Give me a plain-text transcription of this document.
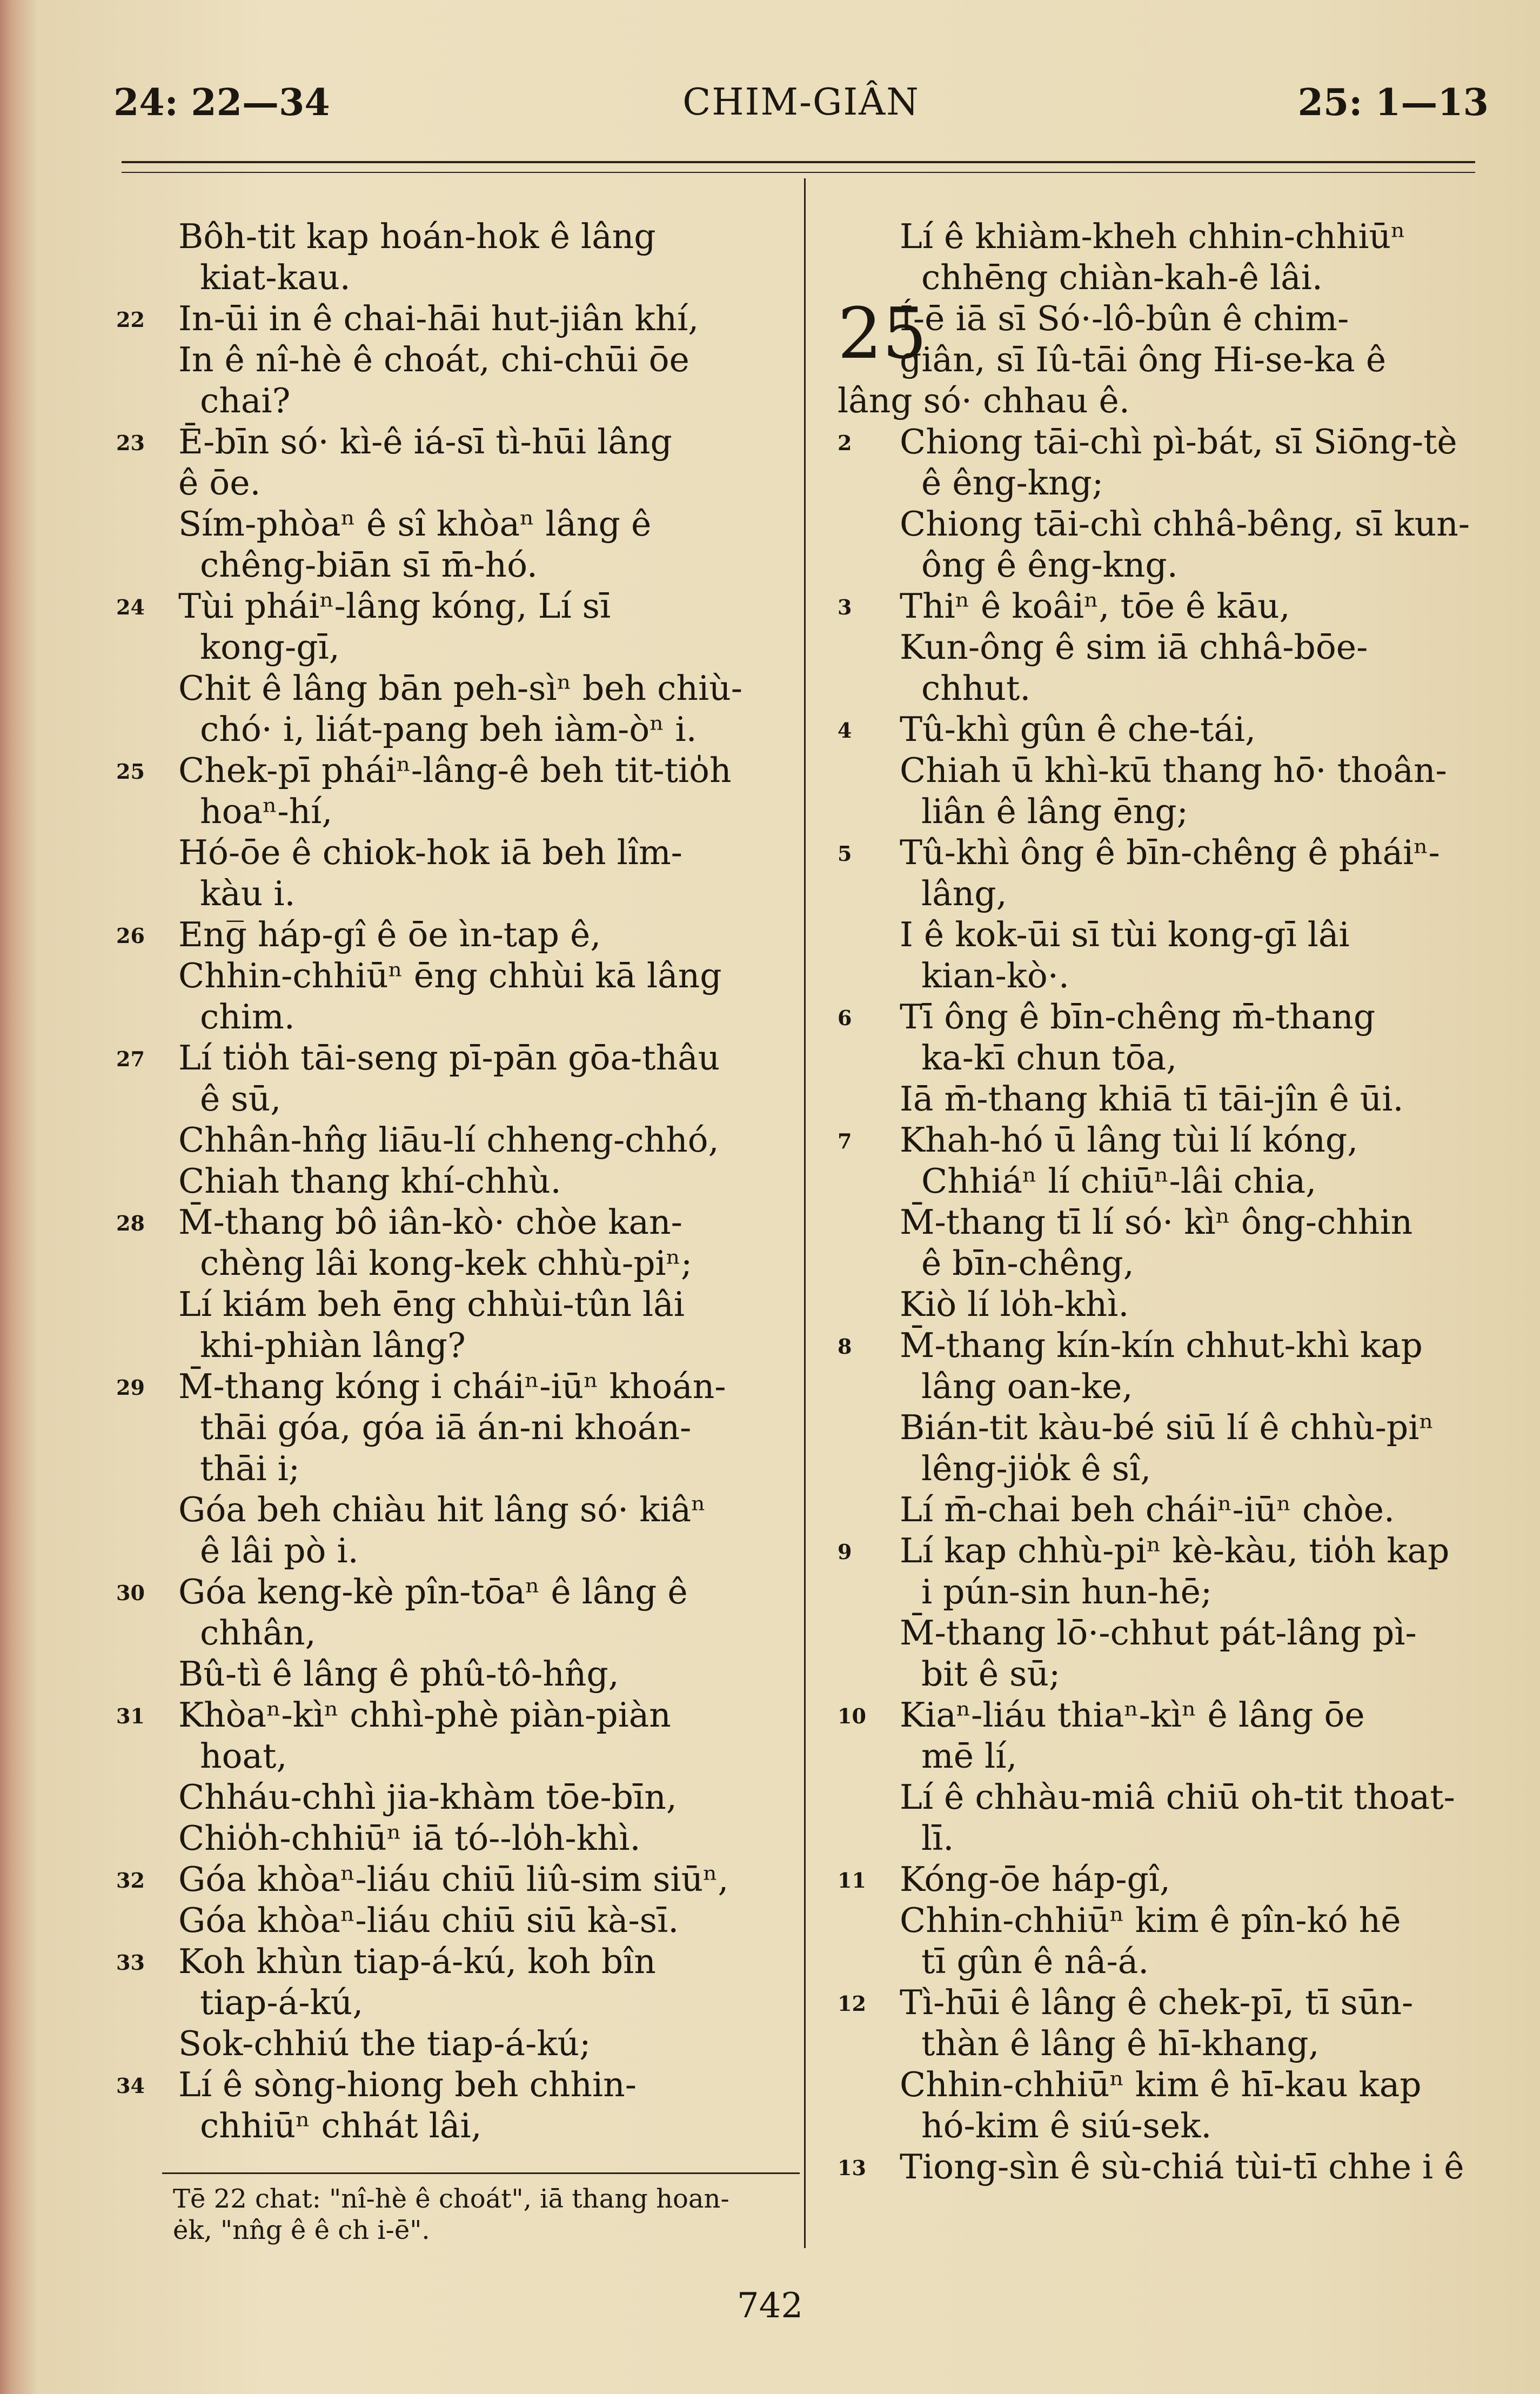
24: 22—34	CHIM-GIÂN	25: 1—13
Bôh-tit kap hoán-hok ê lâng
kiat-kau.
22 In-ūi in ê chai-hāi hut-jiân khí,
In ê nî-hè ê choát, chi-chūi ōe
chai?
23 Ē-bīn só· kì-ê iá-sī tì-hūi lâng
ê ōe.
Sím-phòaⁿ ê sî khòaⁿ lâng ê
chêng-biān sī m̄-hó.
24 Tùi pháiⁿ-lâng kóng, Lí sī
kong-gī,
Chit ê lâng bān peh-sìⁿ beh chiù-
chó· i, liát-pang beh iàm-òⁿ i.
25 Chek-pī pháiⁿ-lâng-ê beh tit-tio̍h
hoaⁿ-hí,
Hó-ōe ê chiok-hok iā beh lîm-
kàu i.
26 Eng̅ háp-gî ê ōe ìn-tap ê,
Chhin-chhiūⁿ ēng chhùi kā lâng
chim.
27 Lí tio̍h tāi-seng pī-pān gōa-thâu
ê sū,
Chhân-hn̂g liāu-lí chheng-chhó,
Chiah thang khí-chhù.
28 M̄-thang bô iân-kò· chòe kan-
chèng lâi kong-kek chhù-piⁿ;
Lí kiám beh ēng chhùi-tûn lâi
khi-phiàn lâng?
29 M̄-thang kóng i cháiⁿ-iūⁿ khoán-
thāi góa, góa iā án-ni khoán-
thāi i;
Góa beh chiàu hit lâng só· kiâⁿ
ê lâi pò i.
30 Góa keng-kè pîn-tōaⁿ ê lâng ê
chhân,
Bû-tì ê lâng ê phû-tô-hn̂g,
31 Khòaⁿ-kìⁿ chhì-phè piàn-piàn
hoat,
Chháu-chhì jia-khàm tōe-bīn,
Chio̍h-chhiūⁿ iā tó--lo̍h-khì.
32 Góa khòaⁿ-liáu chiū liû-sim siūⁿ,
Góa khòaⁿ-liáu chiū siū kà-sī.
33 Koh khùn tiap-á-kú, koh bîn
tiap-á-kú,
Sok-chhiú the tiap-á-kú;
34 Lí ê sòng-hiong beh chhin-
chhiūⁿ chhát lâi,
Lí ê khiàm-kheh chhin-chhiūⁿ
chhēng chiàn-kah-ê lâi.
25
Í-ē iā sī Só·-lô-bûn ê chim-
giân, sī Iû-tāi ông Hi-se-ka ê
lâng só· chhau ê.
2 Chiong tāi-chì pì-bát, sī Siōng-tè
ê êng-kng;
Chiong tāi-chì chhâ-bêng, sī kun-
ông ê êng-kng.
3 Thiⁿ ê koâiⁿ, tōe ê kāu,
Kun-ông ê sim iā chhâ-bōe-
chhut.
4 Tû-khì gûn ê che-tái,
Chiah ū khì-kū thang hō· thoân-
liân ê lâng ēng;
5 Tû-khì ông ê bīn-chêng ê pháiⁿ-
lâng,
I ê kok-ūi sī tùi kong-gī lâi
kian-kò·.
6 Tī ông ê bīn-chêng m̄-thang
ka-kī chun tōa,
Iā m̄-thang khiā tī tāi-jîn ê ūi.
7 Khah-hó ū lâng tùi lí kóng,
Chhiáⁿ lí chiūⁿ-lâi chia,
M̄-thang tī lí só· kìⁿ ông-chhin
ê bīn-chêng,
Kiò lí lo̍h-khì.
8 M̄-thang kín-kín chhut-khì kap
lâng oan-ke,
Bián-tit kàu-bé siū lí ê chhù-piⁿ
lêng-jio̍k ê sî,
Lí m̄-chai beh cháiⁿ-iūⁿ chòe.
9 Lí kap chhù-piⁿ kè-kàu, tio̍h kap
i pún-sin hun-hē;
M̄-thang lō·-chhut pát-lâng pì-
bit ê sū;
10 Kiaⁿ-liáu thiaⁿ-kìⁿ ê lâng ōe
mē lí,
Lí ê chhàu-miâ chiū oh-tit thoat-
lī.
11 Kóng-ōe háp-gî,
Chhin-chhiūⁿ kim ê pîn-kó hē
tī gûn ê nâ-á.
12 Tì-hūi ê lâng ê chek-pī, tī sūn-
thàn ê lâng ê hī-khang,
Chhin-chhiūⁿ kim ê hī-kau kap
hó-kim ê siú-sek.
13 Tiong-sìn ê sù-chiá tùi-tī chhe i ê
Tē 22 chat: "nî-hè ê choát", iā thang hoan-
ėk, "nn̂g ê ê ch i-ē".
742
